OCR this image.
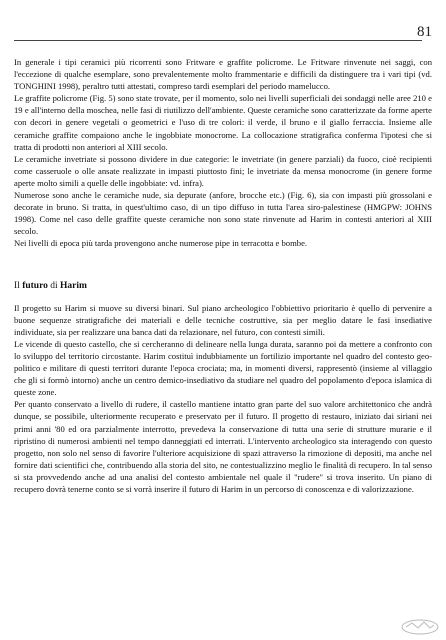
81

In generale i tipi ceramici più ricorrenti sono Fritware e graffite policrome. Le Fritware rinvenute nei saggi, con l'eccezione di qualche esemplare, sono prevalentemente molto frammentarie e difficili da distinguere tra i vari tipi (vd. TONGHINI 1998), peraltro tutti attestati, compreso tardi esemplari del periodo mamelucco.

Le graffite policrome (Fig. 5) sono state trovate, per il momento, solo nei livelli superficiali dei sondaggi nelle aree 210 e 19 e all'interno della moschea, nelle fasi di riutilizzo dell'ambiente. Queste ceramiche sono caratterizzate da forme aperte con decori in genere vegetali o geometrici e l'uso di tre colori: il verde, il bruno e il giallo ferraccia. Insieme alle ceramiche graffite compaiono anche le ingobbiate monocrome. La collocazione stratigrafica conferma l'ipotesi che si tratta di prodotti non anteriori al XIII secolo.

Le ceramiche invetriate si possono dividere in due categorie: le invetriate (in genere parziali) da fuoco, cioè recipienti come casseruole o olle ansate realizzate in impasti piuttosto fini; le invetriate da mensa monocrome (in genere forme aperte molto simili a quelle delle ingobbiate: vd. infra).

Numerose sono anche le ceramiche nude, sia depurate (anfore, brocche etc.) (Fig. 6), sia con impasti più grossolani e decorate in bruno. Si tratta, in quest'ultimo caso, di un tipo diffuso in tutta l'area siro-palestinese (HMGPW: JOHNS 1998). Come nel caso delle graffite queste ceramiche non sono state rinvenute ad Harim in contesti anteriori al XIII secolo.

Nei livelli di epoca più tarda provengono anche numerose pipe in terracotta e bombe.

Il futuro di Harim

Il progetto su Harim si muove su diversi binari. Sul piano archeologico l'obbiettivo prioritario è quello di pervenire a buone sequenze stratigrafiche dei materiali e delle tecniche costruttive, sia per meglio datare le fasi insediative individuate, sia per realizzare una banca dati da relazionare, nel futuro, con contesti simili.

Le vicende di questo castello, che si cercheranno di delineare nella lunga durata, saranno poi da mettere a confronto con lo sviluppo del territorio circostante. Harim costituì indubbiamente un fortilizio importante nel quadro del contesto geo-politico e militare di questi territori durante l'epoca crociata; ma, in momenti diversi, rappresentò (insieme al villaggio che gli si formò intorno) anche un centro demico-insediativo da studiare nel quadro del popolamento d'epoca islamica di queste zone.

Per quanto conservato a livello di rudere, il castello mantiene intatto gran parte del suo valore architettonico che andrà dunque, se possibile, ulteriormente recuperato e preservato per il futuro. Il progetto di restauro, iniziato dai siriani nei primi anni '80 ed ora parzialmente interrotto, prevedeva la conservazione di tutta una serie di strutture murarie e il ripristino di numerosi ambienti nel tempo danneggiati ed interrati. L'intervento archeologico sta interagendo con questo progetto, non solo nel senso di favorire l'ulteriore acquisizione di spazi attraverso la rimozione di depositi, ma anche nel fornire dati scientifici che, contribuendo alla storia del sito, ne contestualizzino meglio le finalità di recupero. In tal senso si sta provvedendo anche ad una analisi del contesto ambientale nel quale il "rudere" si trova inserito. Un piano di recupero dovrà tenerne conto se si vorrà inserire il futuro di Harim in un percorso di conoscenza e di valorizzazione.
